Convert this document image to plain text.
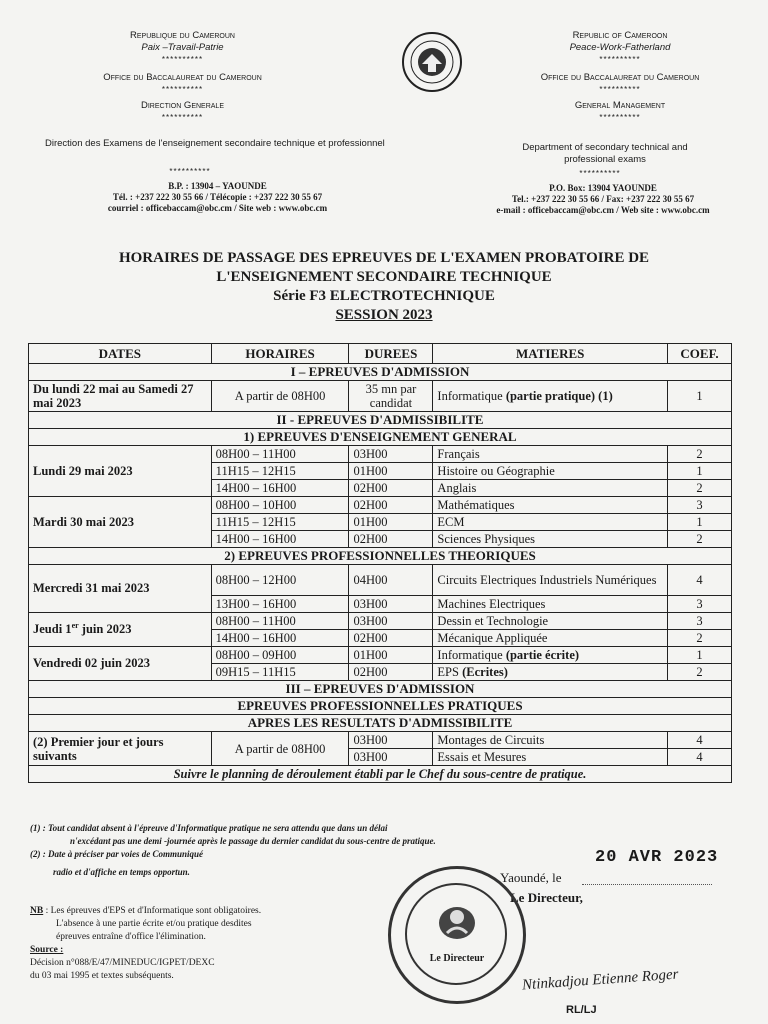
Republique du Cameroun
Paix –Travail-Patrie
**********
Office du Baccalaureat du Cameroun
**********
Direction Generale
**********
Direction des Examens de l'enseignement secondaire technique et professionnel
**********
B.P. : 13904 – YAOUNDE
Tél. : +237 222 30 55 66 / Télécopie : +237 222 30 55 67
courriel : officebaccam@obc.cm / Site web : www.obc.cm
Republic of Cameroon
Peace-Work-Fatherland
**********
Office du Baccalaureat du Cameroun
**********
General Management
**********
Department of secondary technical and professional exams
**********
P.O. Box: 13904 YAOUNDE
Tel.: +237 222 30 55 66 / Fax: +237 222 30 55 67
e-mail : officebaccam@obc.cm / Web site : www.obc.cm
HORAIRES DE PASSAGE DES EPREUVES DE L'EXAMEN PROBATOIRE DE
L'ENSEIGNEMENT SECONDAIRE TECHNIQUE
Série F3 ELECTROTECHNIQUE
SESSION 2023
DATES	HORAIRES	DUREES	MATIERES	COEF.
I – EPREUVES D'ADMISSION				
Du lundi 22 mai au Samedi 27 mai 2023	A partir de 08H00	35 mn par candidat	Informatique (partie pratique) (1)	1
II - EPREUVES D'ADMISSIBILITE				
1) EPREUVES D'ENSEIGNEMENT GENERAL				
Lundi 29 mai 2023	08H00 – 11H00	03H00	Français	2
	11H15 – 12H15	01H00	Histoire ou Géographie	1
	14H00 – 16H00	02H00	Anglais	2
Mardi 30 mai 2023	08H00 – 10H00	02H00	Mathématiques	3
	11H15 – 12H15	01H00	ECM	1
	14H00 – 16H00	02H00	Sciences Physiques	2
2) EPREUVES PROFESSIONNELLES THEORIQUES				
Mercredi 31 mai 2023	08H00 – 12H00	04H00	Circuits Electriques Industriels Numériques	4
	13H00 – 16H00	03H00	Machines Electriques	3
Jeudi 1er juin 2023	08H00 – 11H00	03H00	Dessin et Technologie	3
	14H00 – 16H00	02H00	Mécanique Appliquée	2
Vendredi 02 juin 2023	08H00 – 09H00	01H00	Informatique (partie écrite)	1
	09H15 – 11H15	02H00	EPS (Ecrites)	2
III – EPREUVES D'ADMISSION				
EPREUVES PROFESSIONNELLES PRATIQUES				
APRES LES RESULTATS D'ADMISSIBILITE				
(2) Premier jour et jours suivants	A partir de 08H00	03H00	Montages de Circuits	4
		03H00	Essais et Mesures	4
Suivre le planning de déroulement établi par le Chef du sous-centre de pratique.				
(1) : Tout candidat absent à l'épreuve d'Informatique pratique ne sera attendu que dans un délai
n'excédant pas une demi -journée après le passage du dernier candidat du sous-centre de pratique.
(2) : Date à préciser par voies de Communiqué
radio et d'affiche en temps opportun.
NB : Les épreuves d'EPS et d'Informatique sont obligatoires.
L'absence à une partie écrite et/ou pratique desdites
épreuves entraîne d'office l'élimination.
Source :
Décision n°088/E/47/MINEDUC/IGPET/DEXC
du 03 mai 1995 et textes subséquents.
Yaoundé, le
20 AVR 2023
Le Directeur,
Le Directeur
Ntinkadjou Etienne Roger
RL/LJ
